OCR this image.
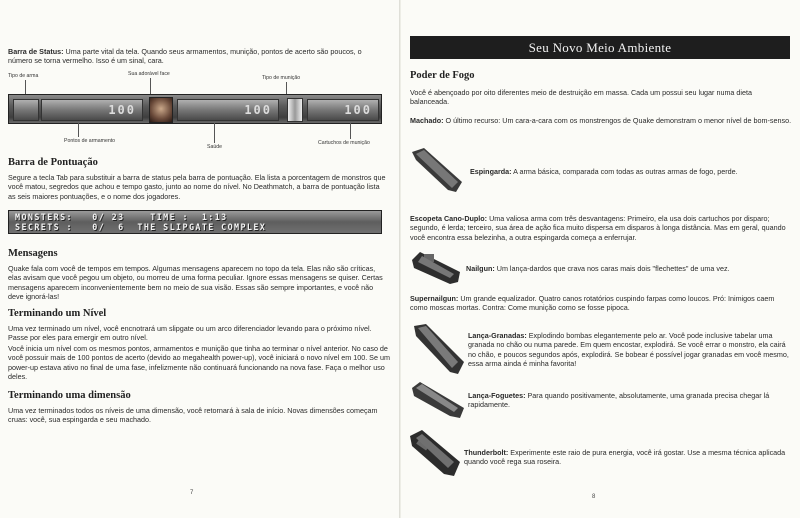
Barra de Status: Uma parte vital da tela. Quando seus armamentos, munição, pontos de acerto são poucos, o número se torna vermelho. Isso é um sinal, cara.

Tipo de arma	Sua adorável face
Tipo de munição
100	100	100
Pontos de armamento
Saúde
Cartuchos de munição
Barra de Pontuação

Segure a tecla Tab para substituir a barra de status pela barra de pontuação. Ela lista a porcentagem de monstros que você matou, segredos que achou e tempo gasto, junto ao nome do nível. No Deathmatch, a barra de pontuação lista as seis maiores pontuações, e o nome dos jogadores.

MONSTERS:   0/ 23    TIME :  1:13
SECRETS :   0/  6  THE SLIPGATE COMPLEX
Mensagens

Quake fala com você de tempos em tempos. Algumas mensagens aparecem no topo da tela. Elas não são críticas, elas avisam que você pegou um objeto, ou morreu de uma forma peculiar. Ignore essas mensagens se quiser. Certas mensagens aparecem inconvenientemente bem no meio de sua visão. Essas são sempre importantes, e você não deve ignorá-las!

Terminando um Nível

Uma vez terminado um nível, você encnotrará um slipgate ou um arco diferenciador levando para o próximo nível. Passe por eles para emergir em outro nível.

Você inicia um nível com os mesmos pontos, armamentos e munição que tinha ao terminar o nível anterior. No caso de você possuir mais de 100 pontos de acerto (devido ao megahealth power-up), você iniciará o novo nível em 100. Se um power-up estava ativo no final de uma fase, infelizmente não continuará funcionando na nova fase. Faça o melhor uso deles.

Terminando uma dimensão

Uma vez terminados todos os níveis de uma dimensão, você retornará à sala de início. Novas dimensões começam cruas: você, sua espingarda e seu machado.

7
Seu Novo Meio Ambiente
Poder de Fogo

Você é abençoado por oito diferentes meio de destruição em massa. Cada um possui seu lugar numa dieta balanceada.

Machado: O último recurso: Um cara-a-cara com os monstrengos de Quake demonstram o menor nível de bom-senso.

Espingarda: A arma básica, comparada com todas as outras armas de fogo, perde.

Escopeta Cano-Duplo: Uma valiosa arma com três desvantagens: Primeiro, ela usa dois cartuchos por disparo; segundo, é lerda; terceiro, sua área de ação fica muito dispersa em disparos à longa distância. Mas em geral, quando você encontra essa belezinha, a outra espingarda começa a enferrujar.

Nailgun: Um lança-dardos que crava nos caras mais dois "flechettes" de uma vez.

Supernailgun: Um grande equalizador. Quatro canos rotatórios cuspindo farpas como loucos. Pró: Inimigos caem como moscas mortas. Contra: Come munição como se fosse pipoca.

Lança-Granadas: Explodindo bombas elegantemente pelo ar. Você pode inclusive tabelar uma granada no chão ou numa parede. Em quem encostar, explodirá. Se você errar o monstro, ela cairá no chão, e poucos segundos após, explodirá. Se bobear é possível jogar granadas em você mesmo, essa arma ainda é minha favorita!

Lança-Foguetes: Para quando positivamente, absolutamente, uma granada precisa chegar lá rapidamente.

Thunderbolt: Experimente este raio de pura energia, você irá gostar. Use a mesma técnica aplicada quando você rega sua roseira.

8
